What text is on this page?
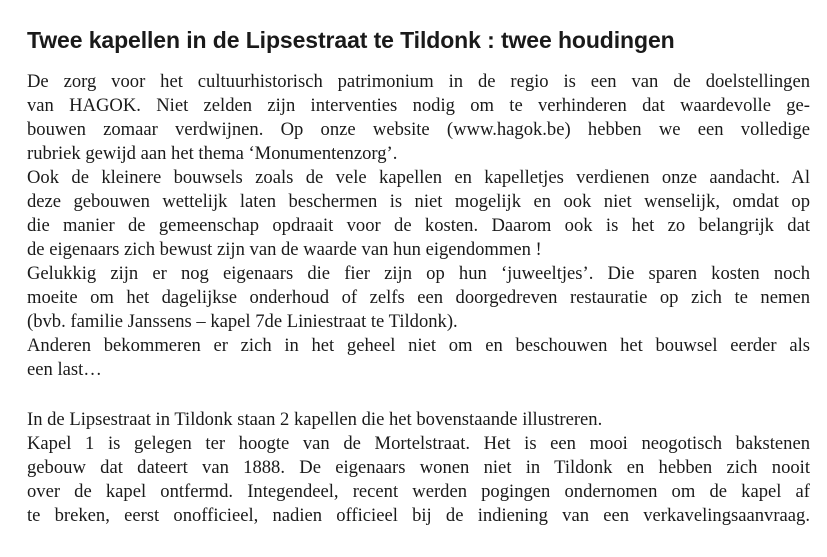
Twee kapellen in de Lipsestraat te Tildonk : twee houdingen

De zorg voor het cultuurhistorisch patrimonium in de regio is een van de doelstellingen

van HAGOK. Niet zelden zijn interventies nodig om te verhinderen dat waardevolle ge-

bouwen zomaar verdwijnen. Op onze website (www.hagok.be) hebben we een volledige

rubriek gewijd aan het thema ‘Monumentenzorg’.

Ook de kleinere bouwsels zoals de vele kapellen en kapelletjes verdienen onze aandacht. Al

deze gebouwen wettelijk laten beschermen is niet mogelijk en ook niet wenselijk, omdat op

die manier de gemeenschap opdraait voor de kosten. Daarom ook is het zo belangrijk dat

de eigenaars zich bewust zijn van de waarde van hun eigendommen !

Gelukkig zijn er nog eigenaars die fier zijn op hun ‘juweeltjes’. Die sparen kosten noch

moeite om het dagelijkse onderhoud of zelfs een doorgedreven restauratie op zich te nemen

(bvb. familie Janssens – kapel 7de Liniestraat te Tildonk).

Anderen bekommeren er zich in het geheel niet om en beschouwen het bouwsel eerder als

een last…

In de Lipsestraat in Tildonk staan 2 kapellen die het bovenstaande illustreren.

Kapel 1 is gelegen ter hoogte van de Mortelstraat. Het is een mooi neogotisch bakstenen

gebouw dat dateert van 1888. De eigenaars wonen niet in Tildonk en hebben zich nooit

over de kapel ontfermd. Integendeel, recent werden pogingen ondernomen om de kapel af

te breken, eerst onofficieel, nadien officieel bij de indiening van een verkavelingsaanvraag.
